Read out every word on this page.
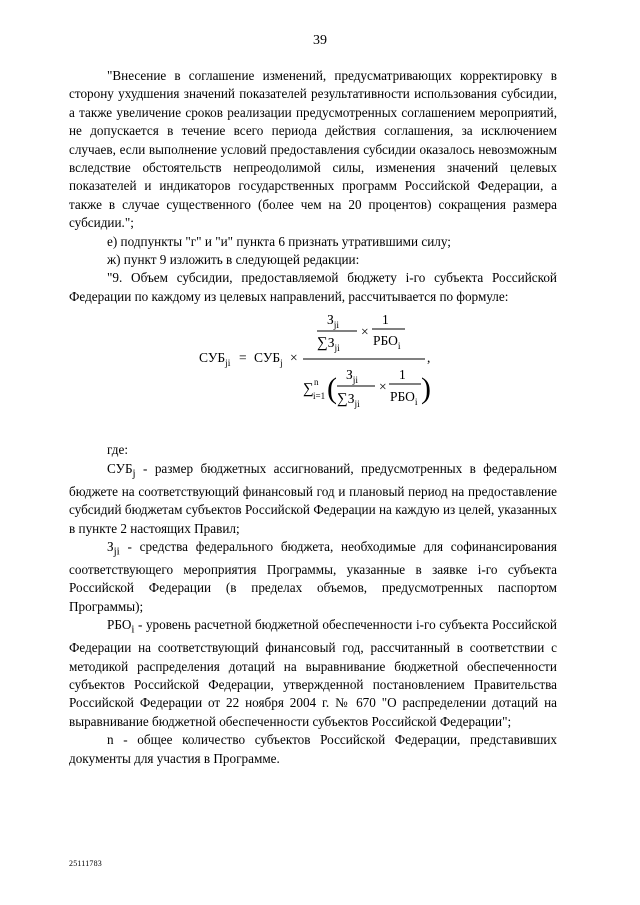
39

"Внесение в соглашение изменений, предусматривающих корректировку в сторону ухудшения значений показателей результативности использования субсидии, а также увеличение сроков реализации предусмотренных соглашением мероприятий, не допускается в течение всего периода действия соглашения, за исключением случаев, если выполнение условий предоставления субсидии оказалось невозможным вследствие обстоятельств непреодолимой силы, изменения значений целевых показателей и индикаторов государственных программ Российской Федерации, а также в случае существенного (более чем на 20 процентов) сокращения размера субсидии.";

е) подпункты "г" и "и" пункта 6 признать утратившими силу;

ж) пункт 9 изложить в следующей редакции:

"9. Объем субсидии, предоставляемой бюджету i-го субъекта Российской Федерации по каждому из целевых направлений, рассчитывается по формуле:

$СУБ_{ji} = СУБ_j$ ×
$З_{ji}$
$\sum З_{ji}$
×
1
$РБО_i$
,
∑ n
i=1 ( $З_{ji}$
$\sum З_{ji}$
×
1
$РБО_i$ )

где:

$СУБ_j$ - размер бюджетных ассигнований, предусмотренных в федеральном бюджете на соответствующий финансовый год и плановый период на предоставление субсидий бюджетам субъектов Российской Федерации на каждую из целей, указанных в пункте 2 настоящих Правил;

$З_{ji}$ - средства федерального бюджета, необходимые для софинансирования соответствующего мероприятия Программы, указанные в заявке i-го субъекта Российской Федерации (в пределах объемов, предусмотренных паспортом Программы);

$РБО_i$ - уровень расчетной бюджетной обеспеченности i-го субъекта Российской Федерации на соответствующий финансовый год, рассчитанный в соответствии с методикой распределения дотаций на выравнивание бюджетной обеспеченности субъектов Российской Федерации, утвержденной постановлением Правительства Российской Федерации от 22 ноября 2004 г. № 670 "О распределении дотаций на выравнивание бюджетной обеспеченности субъектов Российской Федерации";

n - общее количество субъектов Российской Федерации, представивших документы для участия в Программе.

25111783
